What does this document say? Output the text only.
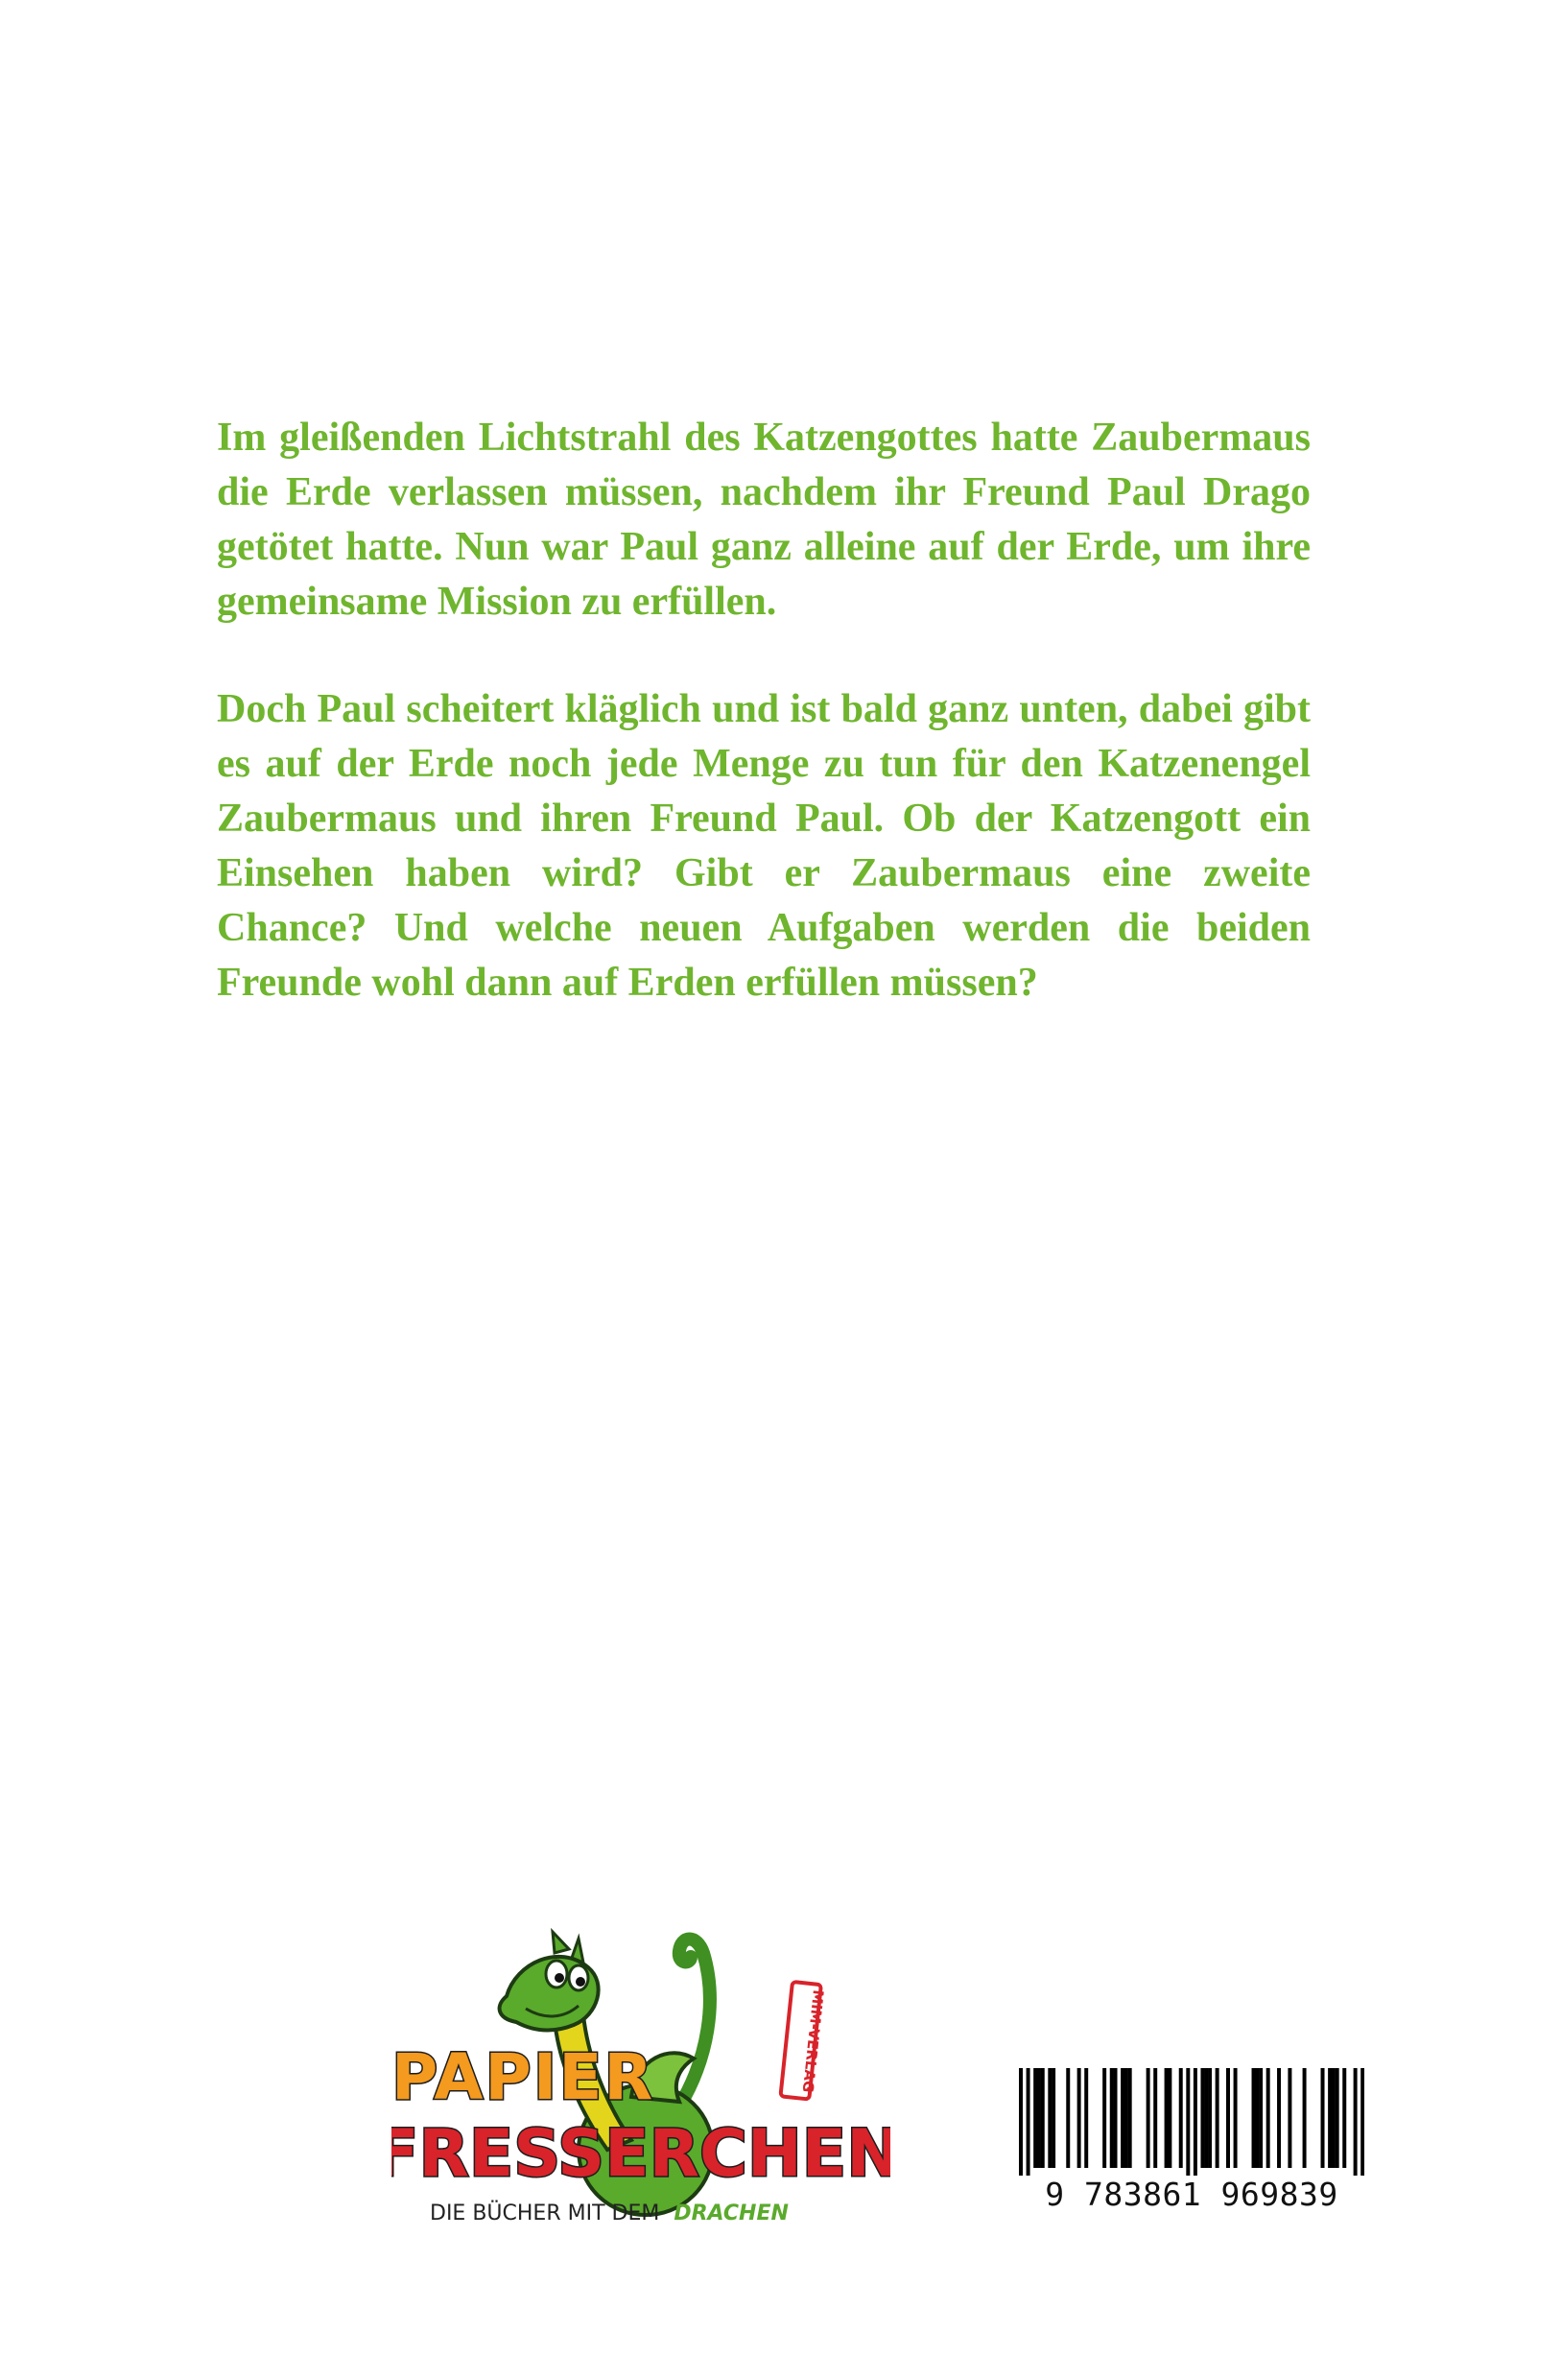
Im gleißenden Lichtstrahl des Katzengottes hatte Zaubermaus die Erde verlassen müssen, nachdem ihr Freund Paul Drago getötet hatte. Nun war Paul ganz alleine auf der Erde, um ihre gemeinsame Mission zu erfüllen.

Doch Paul scheitert kläglich und ist bald ganz unten, dabei gibt es auf der Erde noch jede Menge zu tun für den Katzenengel Zaubermaus und ihren Freund Paul. Ob der Katzengott ein Einsehen haben wird? Gibt er Zaubermaus eine zweite Chance? Und welche neuen Aufgaben werden die beiden Freunde wohl dann auf Erden erfüllen müssen?

MIM-VERLAG
PAPIER
FRESSERCHEN
DIE BÜCHER MIT DEM DRACHEN
9 783861 969839
